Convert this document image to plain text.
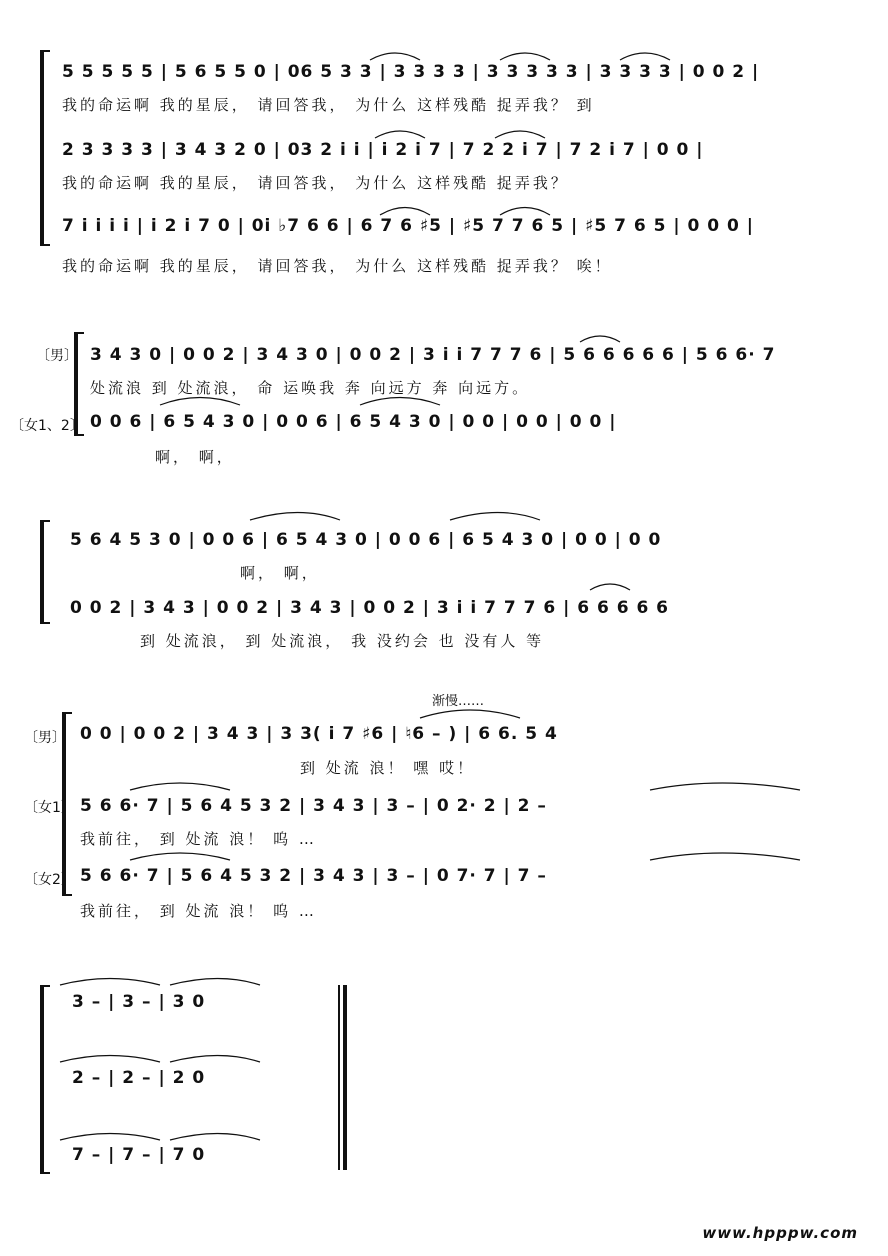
5 5 5 5 5 | 5 6 5 5 0 | 06 5 3 3 | 3 3 3 3 | 3 3 3 3 3 | 3 3 3 3 | 0 0 2 |
我的命运啊 我的星辰， 请回答我， 为什么 这样残酷 捉弄我？ 到
2 3 3 3 3 | 3 4 3 2 0 | 03 2 i i | i 2 i 7 | 7 2 2 i 7 | 7 2 i 7 | 0 0 |
我的命运啊 我的星辰， 请回答我， 为什么 这样残酷 捉弄我？
7 i i i i | i 2 i 7 0 | 0i ♭7 6 6 | 6 7 6 ♯5 | ♯5 7 7 6 5 | ♯5 7 6 5 | 0 0 0 |
我的命运啊 我的星辰， 请回答我， 为什么 这样残酷 捉弄我？ 唉！
〔男〕
〔女1、2〕
3 4 3 0 | 0 0 2 | 3 4 3 0 | 0 0 2 | 3 i i 7 7 7 6 | 5 6 6 6 6 6 | 5 6 6· 7
处流浪 到 处流浪， 命 运唤我 奔 向远方 奔 向远方。
0 0 6 | 6 5 4 3 0 | 0 0 6 | 6 5 4 3 0 | 0 0 | 0 0 | 0 0 |
啊， 啊，
5 6 4 5 3 0 | 0 0 6 | 6 5 4 3 0 | 0 0 6 | 6 5 4 3 0 | 0 0 | 0 0
啊， 啊，
0 0 2 | 3 4 3 | 0 0 2 | 3 4 3 | 0 0 2 | 3 i i 7 7 7 6 | 6 6 6 6 6
到 处流浪， 到 处流浪， 我 没约会 也 没有人 等
渐慢……
〔男〕
〔女1〕
〔女2〕
0 0 | 0 0 2 | 3 4 3 | 3 3( i 7 ♯6 | ♮6 – ) | 6 6. 5 4
到 处流 浪！ 嘿 哎！
5 6 6· 7 | 5 6 4 5 3 2 | 3 4 3 | 3 – | 0 2· 2 | 2 –
我前往， 到 处流 浪！ 呜 …
5 6 6· 7 | 5 6 4 5 3 2 | 3 4 3 | 3 – | 0 7· 7 | 7 –
我前往， 到 处流 浪！ 呜 …
3 – | 3 – | 3 0
2 – | 2 – | 2 0
7 – | 7 – | 7 0
www.hpppw.com
